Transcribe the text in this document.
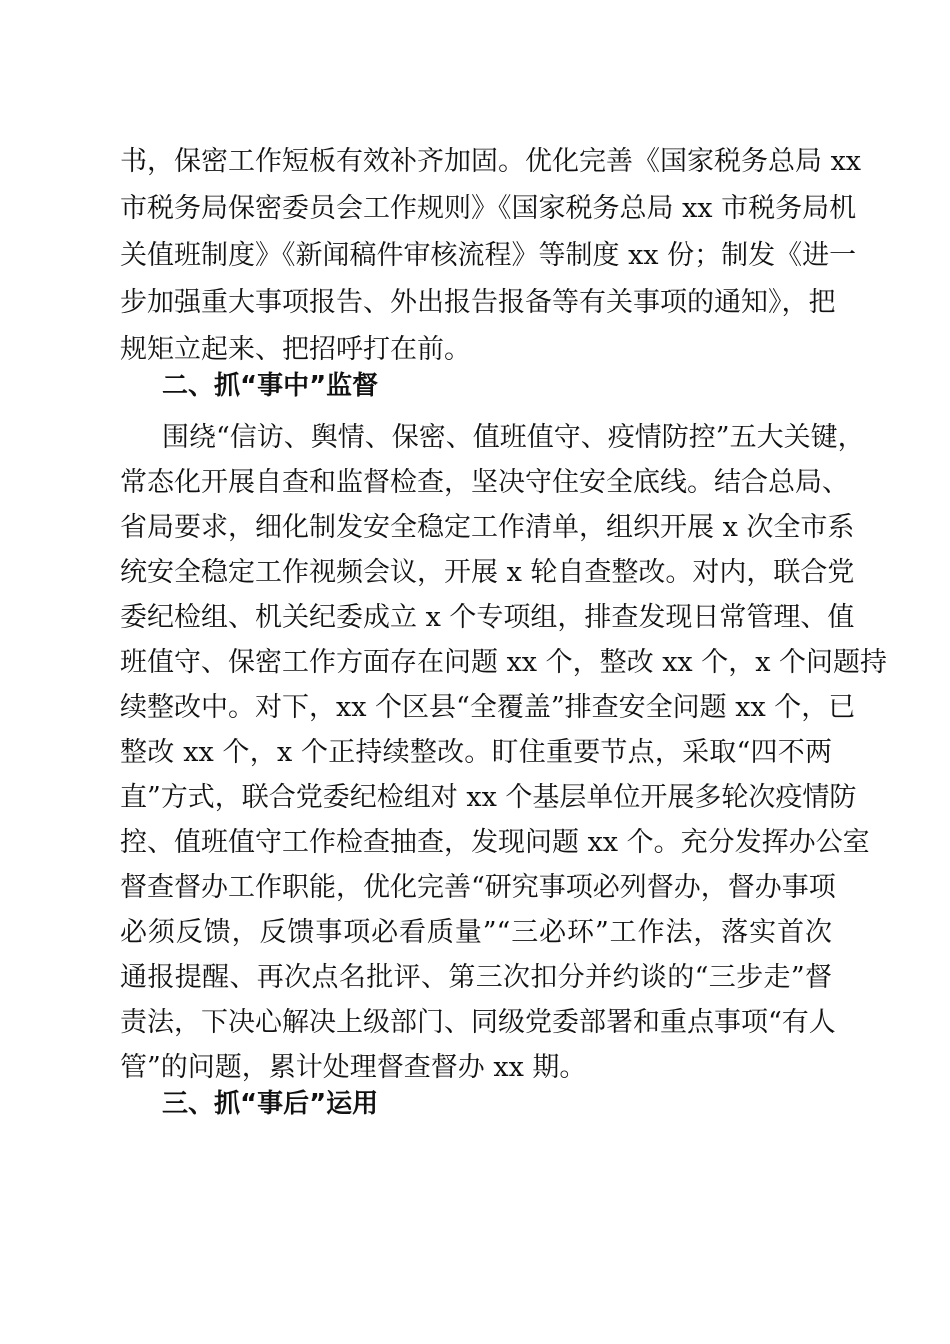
书，保密工作短板有效补齐加固。优化完善《国家税务总局 xx
市税务局保密委员会工作规则》《国家税务总局 xx 市税务局机
关值班制度》《新闻稿件审核流程》等制度 xx 份；制发《进一
步加强重大事项报告、外出报告报备等有关事项的通知》，把
规矩立起来、把招呼打在前。
二、抓“事中”监督
围绕“信访、舆情、保密、值班值守、疫情防控”五大关键，
常态化开展自查和监督检查，坚决守住安全底线。结合总局、
省局要求，细化制发安全稳定工作清单，组织开展 x 次全市系
统安全稳定工作视频会议，开展 x 轮自查整改。对内，联合党
委纪检组、机关纪委成立 x 个专项组，排查发现日常管理、值
班值守、保密工作方面存在问题 xx 个，整改 xx 个，x 个问题持
续整改中。对下，xx 个区县“全覆盖”排查安全问题 xx 个，已
整改 xx 个，x 个正持续整改。盯住重要节点，采取“四不两
直”方式，联合党委纪检组对 xx 个基层单位开展多轮次疫情防
控、值班值守工作检查抽查，发现问题 xx 个。充分发挥办公室
督查督办工作职能，优化完善“研究事项必列督办，督办事项
必须反馈，反馈事项必看质量”“三必环”工作法，落实首次
通报提醒、再次点名批评、第三次扣分并约谈的“三步走”督
责法，下决心解决上级部门、同级党委部署和重点事项“有人
管”的问题，累计处理督查督办 xx 期。
三、抓“事后”运用
